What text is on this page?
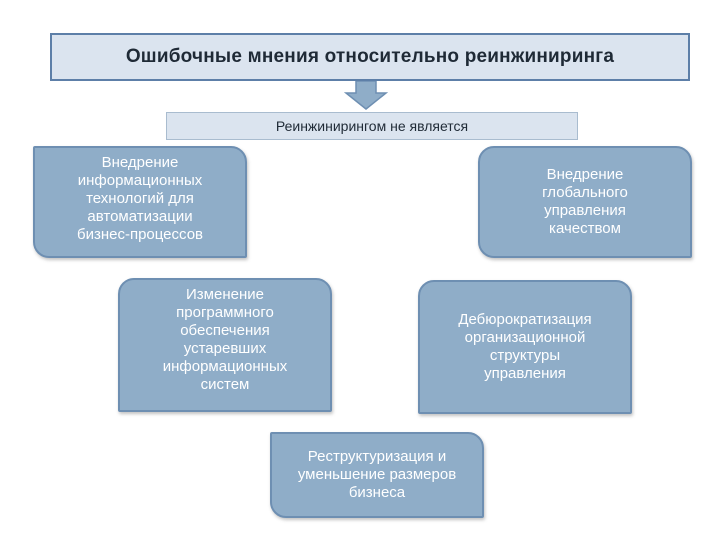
Ошибочные мнения относительно реинжиниринга
Реинжинирингом не является
Внедрение
информационных
технологий для
автоматизации
бизнес-процессов
Внедрение
глобального
управления
качеством
Изменение
программного
обеспечения
устаревших
информационных
систем
Дебюрократизация
организационной
структуры
управления
Реструктуризация и
уменьшение размеров
бизнеса
